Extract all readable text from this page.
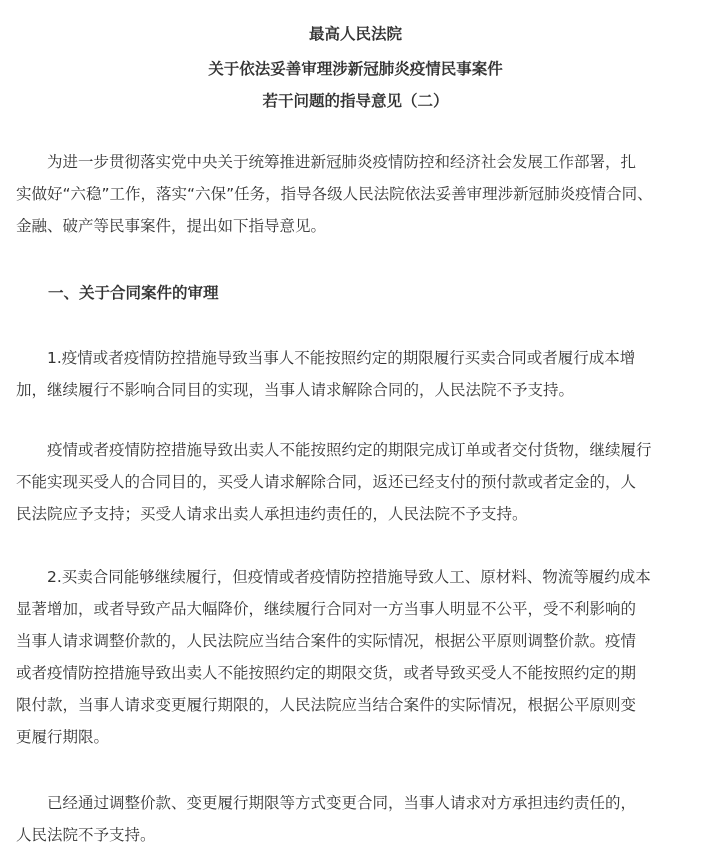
最高人民法院
关于依法妥善审理涉新冠肺炎疫情民事案件
若干问题的指导意见（二）
　　为进一步贯彻落实党中央关于统筹推进新冠肺炎疫情防控和经济社会发展工作部署，扎
实做好“六稳”工作，落实“六保”任务，指导各级人民法院依法妥善审理涉新冠肺炎疫情合同、
金融、破产等民事案件，提出如下指导意见。
一、关于合同案件的审理
　　1.疫情或者疫情防控措施导致当事人不能按照约定的期限履行买卖合同或者履行成本增
加，继续履行不影响合同目的实现，当事人请求解除合同的，人民法院不予支持。
　　疫情或者疫情防控措施导致出卖人不能按照约定的期限完成订单或者交付货物，继续履行
不能实现买受人的合同目的，买受人请求解除合同，返还已经支付的预付款或者定金的，人
民法院应予支持；买受人请求出卖人承担违约责任的，人民法院不予支持。
　　2.买卖合同能够继续履行，但疫情或者疫情防控措施导致人工、原材料、物流等履约成本
显著增加，或者导致产品大幅降价，继续履行合同对一方当事人明显不公平，受不利影响的
当事人请求调整价款的，人民法院应当结合案件的实际情况，根据公平原则调整价款。疫情
或者疫情防控措施导致出卖人不能按照约定的期限交货，或者导致买受人不能按照约定的期
限付款，当事人请求变更履行期限的，人民法院应当结合案件的实际情况，根据公平原则变
更履行期限。
　　已经通过调整价款、变更履行期限等方式变更合同，当事人请求对方承担违约责任的，
人民法院不予支持。
